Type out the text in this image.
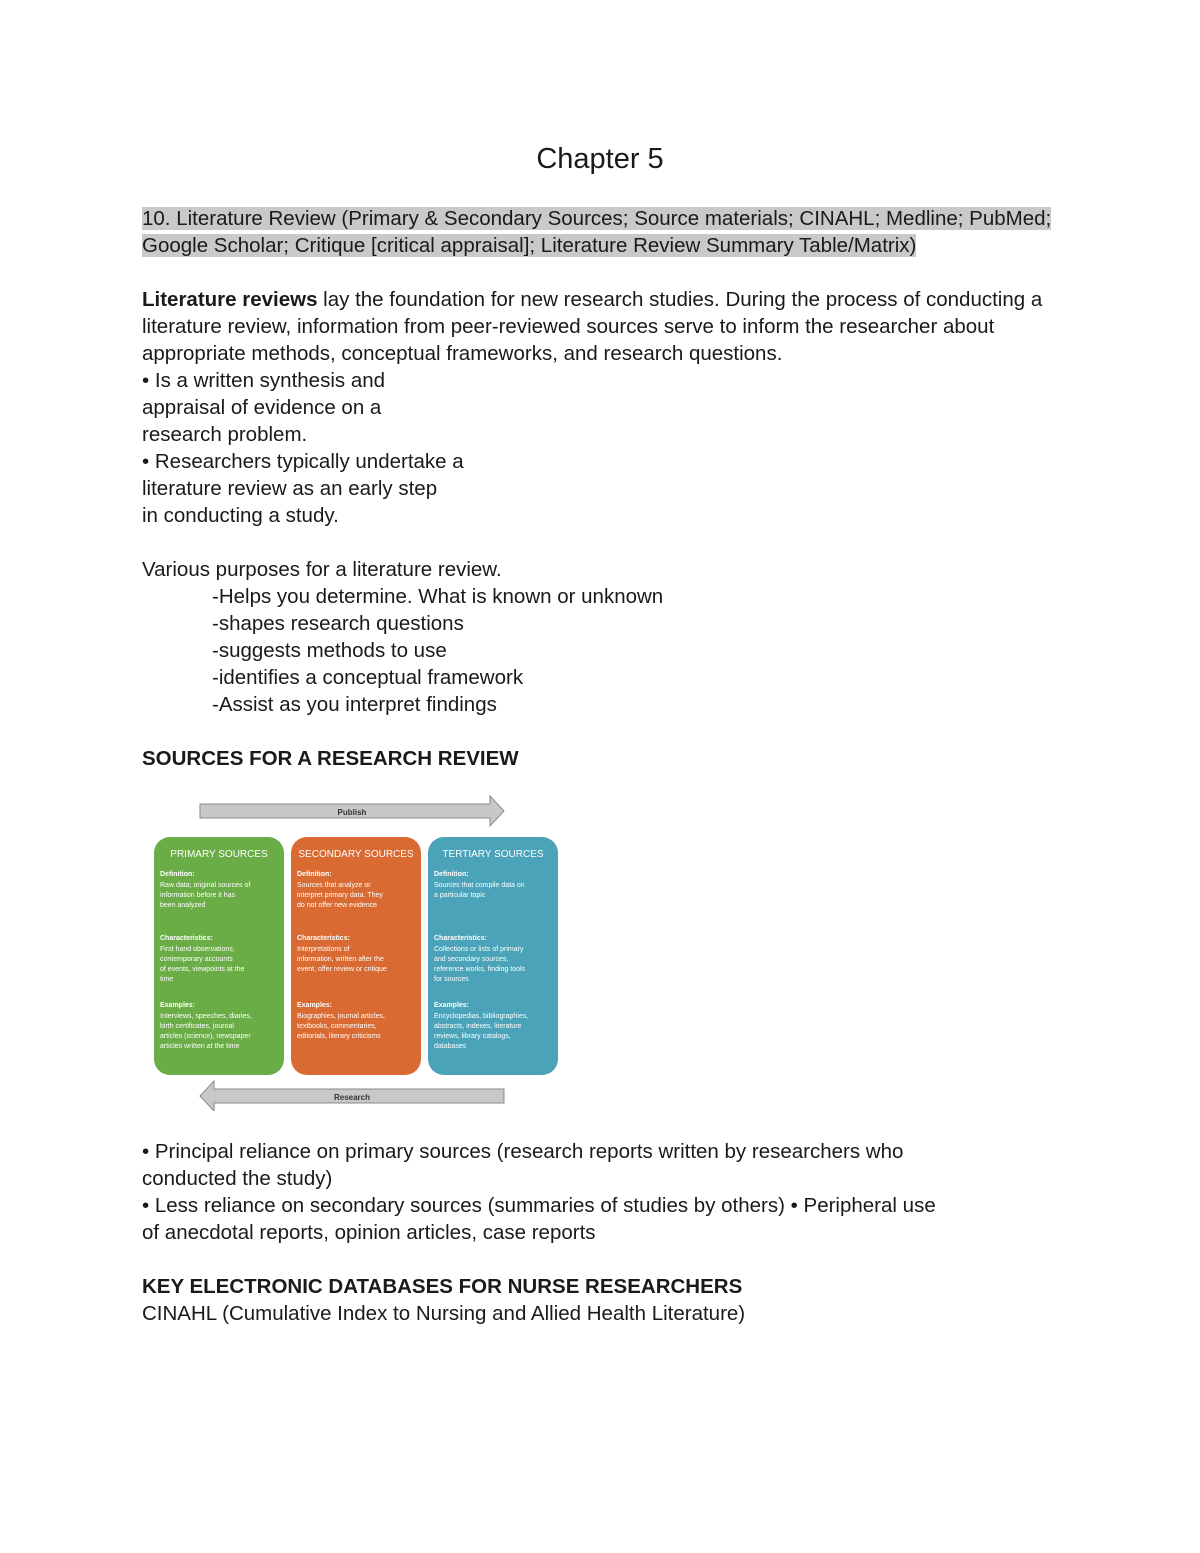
Chapter 5

10. Literature Review (Primary & Secondary Sources; Source materials; CINAHL; Medline; PubMed; Google Scholar; Critique [critical appraisal]; Literature Review Summary Table/Matrix)

Literature reviews lay the foundation for new research studies. During the process of conducting a literature review, information from peer-reviewed sources serve to inform the researcher about appropriate methods, conceptual frameworks, and research questions.

• Is a written synthesis and

appraisal of evidence on a

research problem.

• Researchers typically undertake a

literature review as an early step

in conducting a study.

Various purposes for a literature review.

-Helps you determine. What is known or unknown

-shapes research questions

-suggests methods to use

-identifies a conceptual framework

-Assist as you interpret findings

SOURCES FOR A RESEARCH REVIEW

Publish
PRIMARY SOURCES
Definition:
Raw data; original sources of
information before it has
been analyzed
Characteristics:
First hand observations,
contemporary accounts
of events, viewpoints at the
time
Examples:
Interviews, speeches, diaries,
birth certificates, journal
articles (science), newspaper
articles written at the time
SECONDARY SOURCES
Definition:
Sources that analyze or
interpret primary data. They
do not offer new evidence
Characteristics:
Interpretations of
information, written after the
event, offer review or critique
Examples:
Biographies, journal articles,
textbooks, commentaries,
editorials, literary criticisms
TERTIARY SOURCES
Definition:
Sources that compile data on
a particular topic
Characteristics:
Collections or lists of primary
and secondary sources,
reference works, finding tools
for sources
Examples:
Encyclopedias, bibliographies,
abstracts, indexes, literature
reviews, library catalogs,
databases
Research

• Principal reliance on primary sources (research reports written by researchers who

conducted the study)

• Less reliance on secondary sources (summaries of studies by others) • Peripheral use

of anecdotal reports, opinion articles, case reports

KEY ELECTRONIC DATABASES FOR NURSE RESEARCHERS

CINAHL (Cumulative Index to Nursing and Allied Health Literature)
